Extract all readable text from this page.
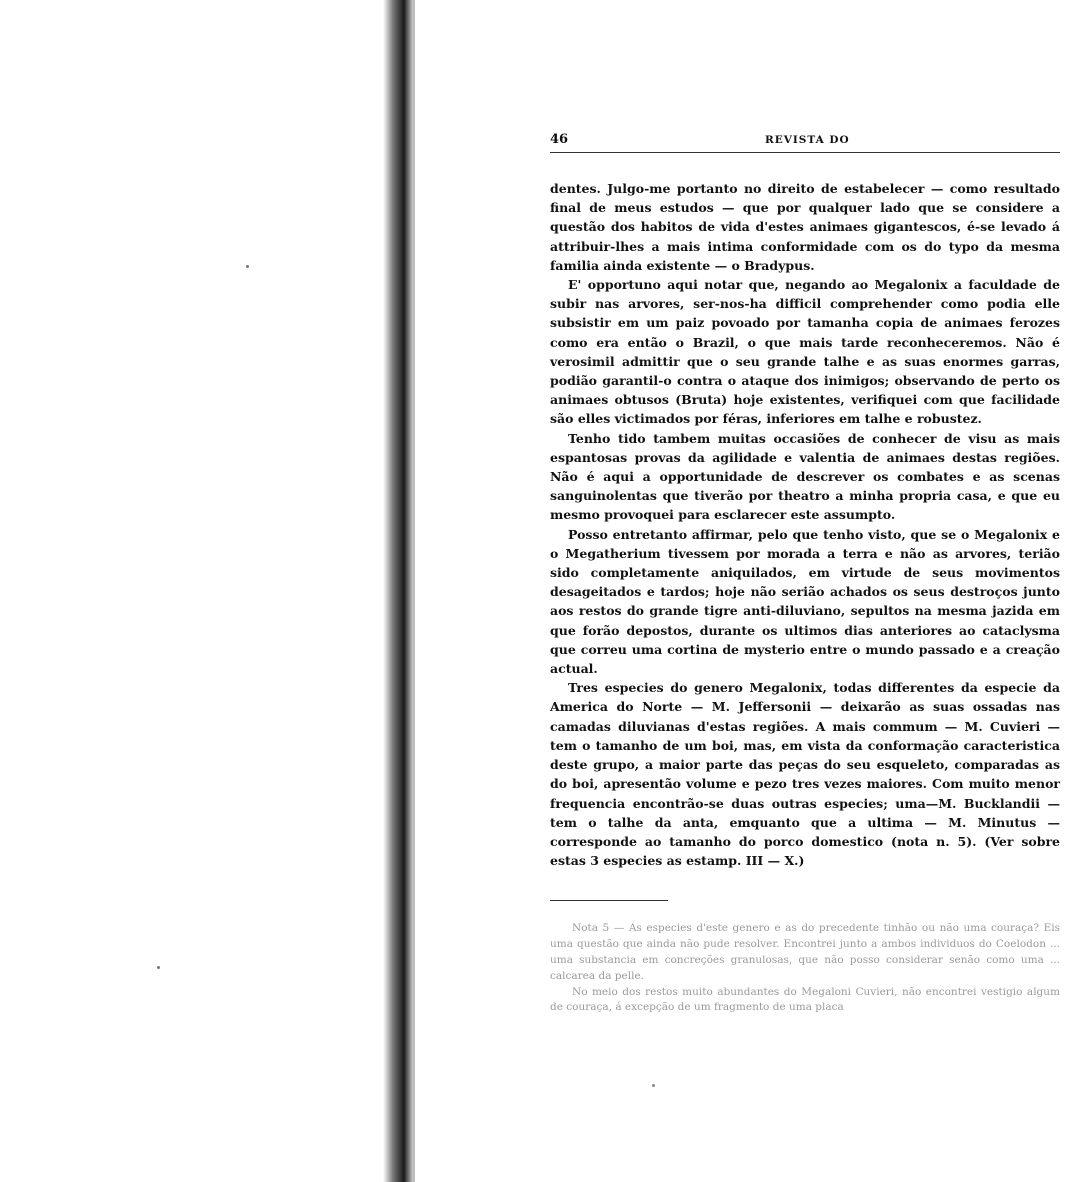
46	REVISTA DO

dentes. Julgo-me portanto no direito de estabelecer — como resultado final de meus estudos — que por qualquer lado que se considere a questão dos habitos de vida d'estes animaes gigantescos, é-se levado á attribuir-lhes a mais intima conformidade com os do typo da mesma familia ainda existente — o Bradypus.

E' opportuno aqui notar que, negando ao Megalonix a faculdade de subir nas arvores, ser-nos-ha difficil comprehender como podia elle subsistir em um paiz povoado por tamanha copia de animaes ferozes como era então o Brazil, o que mais tarde reconheceremos. Não é verosimil admittir que o seu grande talhe e as suas enormes garras, podião garantil-o contra o ataque dos inimigos; observando de perto os animaes obtusos (Bruta) hoje existentes, verifiquei com que facilidade são elles victimados por féras, inferiores em talhe e robustez.

Tenho tido tambem muitas occasiões de conhecer de visu as mais espantosas provas da agilidade e valentia de animaes destas regiões. Não é aqui a opportunidade de descrever os combates e as scenas sanguinolentas que tiverão por theatro a minha propria casa, e que eu mesmo provoquei para esclarecer este assumpto.

Posso entretanto affirmar, pelo que tenho visto, que se o Megalonix e o Megatherium tivessem por morada a terra e não as arvores, terião sido completamente aniquilados, em virtude de seus movimentos desageitados e tardos; hoje não serião achados os seus destroços junto aos restos do grande tigre anti-diluviano, sepultos na mesma jazida em que forão depostos, durante os ultimos dias anteriores ao cataclysma que correu uma cortina de mysterio entre o mundo passado e a creação actual.

Tres especies do genero Megalonix, todas differentes da especie da America do Norte — M. Jeffersonii — deixarão as suas ossadas nas camadas diluvianas d'estas regiões. A mais commum — M. Cuvieri — tem o tamanho de um boi, mas, em vista da conformação caracteristica deste grupo, a maior parte das peças do seu esqueleto, comparadas as do boi, apresentão volume e pezo tres vezes maiores. Com muito menor frequencia encontrão-se duas outras especies; uma—M. Bucklandii — tem o talhe da anta, emquanto que a ultima — M. Minutus — corresponde ao tamanho do porco domestico (nota n. 5). (Ver sobre estas 3 especies as estamp. III — X.)

Nota 5 — As especies d'este genero e as do precedente tinhão ou não uma couraça? Eis uma questão que ainda não pude resolver. Encontrei junto a ambos individuos do Coelodon ... uma substancia em concreções granulosas, que não posso considerar senão como uma ... calcarea da pelle.

No meio dos restos muito abundantes do Megaloni Cuvieri, não encontrei vestigio algum de couraça, á excepção de um fragmento de uma placa
